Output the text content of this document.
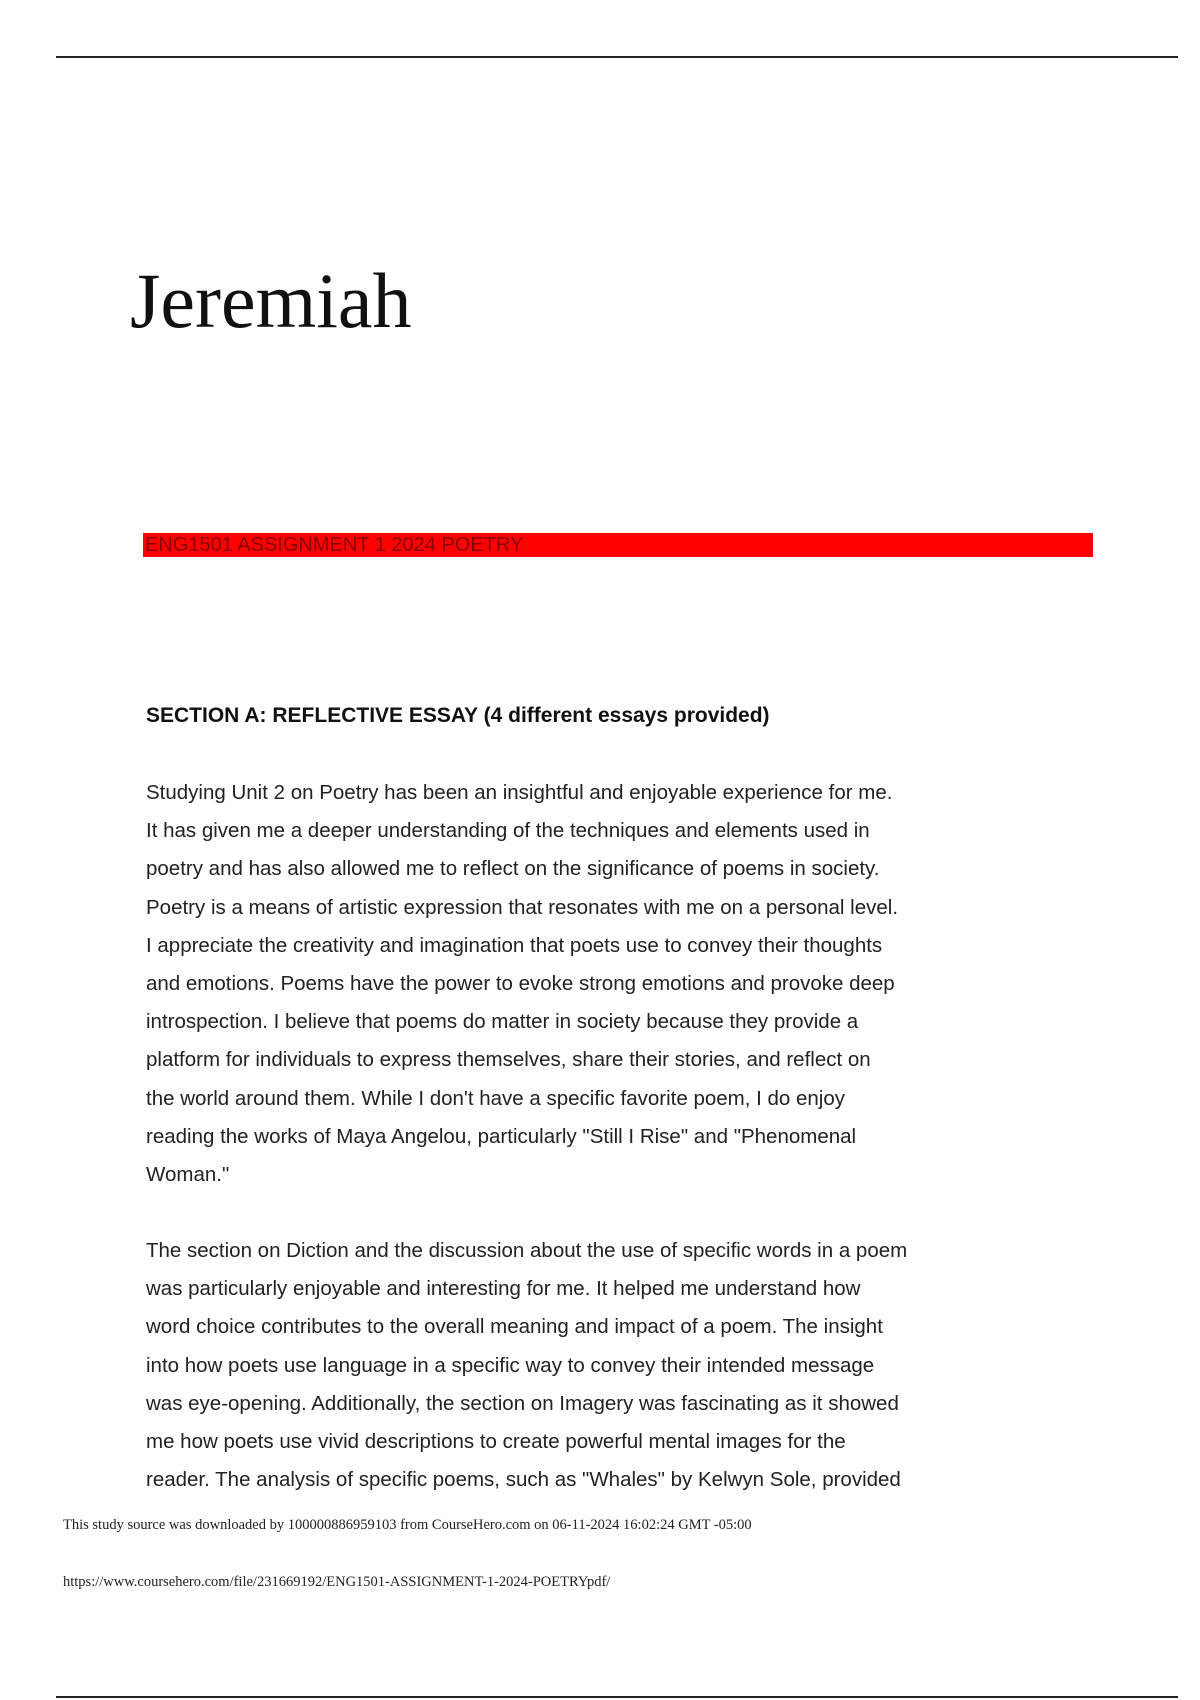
Jeremiah
ENG1501 ASSIGNMENT 1 2024 POETRY
SECTION A: REFLECTIVE ESSAY (4 different essays provided)

Studying Unit 2 on Poetry has been an insightful and enjoyable experience for me.
It has given me a deeper understanding of the techniques and elements used in
poetry and has also allowed me to reflect on the significance of poems in society.
Poetry is a means of artistic expression that resonates with me on a personal level.
I appreciate the creativity and imagination that poets use to convey their thoughts
and emotions. Poems have the power to evoke strong emotions and provoke deep
introspection. I believe that poems do matter in society because they provide a
platform for individuals to express themselves, share their stories, and reflect on
the world around them. While I don't have a specific favorite poem, I do enjoy
reading the works of Maya Angelou, particularly "Still I Rise" and "Phenomenal
Woman."

The section on Diction and the discussion about the use of specific words in a poem
was particularly enjoyable and interesting for me. It helped me understand how
word choice contributes to the overall meaning and impact of a poem. The insight
into how poets use language in a specific way to convey their intended message
was eye-opening. Additionally, the section on Imagery was fascinating as it showed
me how poets use vivid descriptions to create powerful mental images for the
reader. The analysis of specific poems, such as "Whales" by Kelwyn Sole, provided

This study source was downloaded by 100000886959103 from CourseHero.com on 06-11-2024 16:02:24 GMT -05:00

https://www.coursehero.com/file/231669192/ENG1501-ASSIGNMENT-1-2024-POETRYpdf/
